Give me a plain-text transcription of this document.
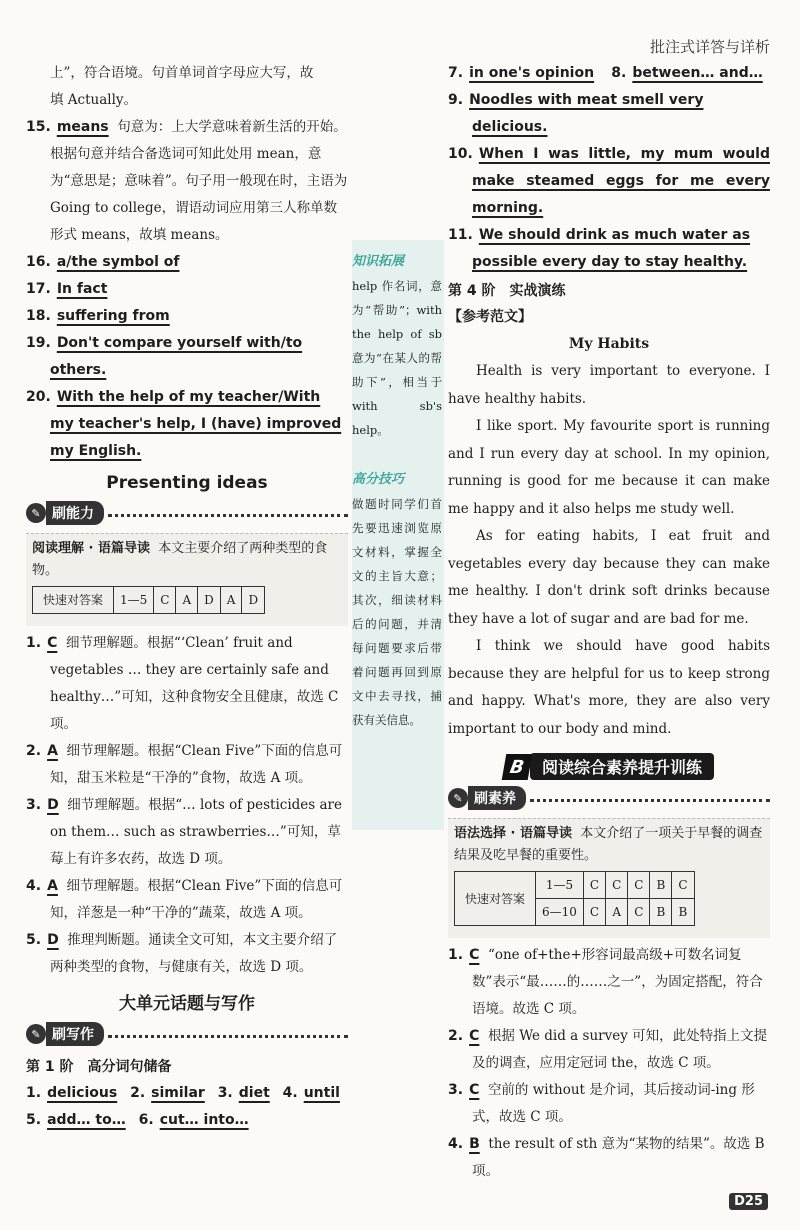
批注式详答与详析

上”，符合语境。句首单词首字母应大写，故
填 Actually。

15. means 句意为：上大学意味着新生活的开始。根据句意并结合备选词可知此处用 mean，意为“意思是；意味着”。句子用一般现在时，主语为 Going to college，谓语动词应用第三人称单数形式 means，故填 means。

16. a/the symbol of
17. In fact
18. suffering from
19. Don't compare yourself with/to others.
20. With the help of my teacher/With my teacher's help, I (have) improved my English.
Presenting ideas
✎ 刷能力
阅读理解 · 语篇导读 本文主要介绍了两种类型的食物。
快速对答案	1—5	C	A	D	A	D

1. C 细节理解题。根据“‘Clean’ fruit and vegetables … they are certainly safe and healthy…”可知，这种食物安全且健康，故选 C 项。

2. A 细节理解题。根据“Clean Five”下面的信息可知，甜玉米粒是“干净的”食物，故选 A 项。

3. D 细节理解题。根据“… lots of pesticides are on them… such as strawberries…”可知，草莓上有许多农药，故选 D 项。

4. A 细节理解题。根据“Clean Five”下面的信息可知，洋葱是一种“干净的”蔬菜，故选 A 项。

5. D 推理判断题。通读全文可知，本文主要介绍了两种类型的食物，与健康有关，故选 D 项。

大单元话题与写作
✎ 刷写作
第 1 阶　高分词句储备
1. delicious 2. similar 3. diet 4. until
5. add… to… 6. cut… into…
知识拓展
help 作名词，意为“帮助”；with the help of sb 意为“在某人的帮助下”，相当于 with sb's help。
高分技巧
做题时同学们首先要迅速浏览原文材料，掌握全文的主旨大意；其次，细读材料后的问题，并清每问题要求后带着问题再回到原文中去寻找，捕获有关信息。
7. in one's opinion 8. between… and…
9. Noodles with meat smell very delicious.
10. When I was little, my mum would make steamed eggs for me every morning.
11. We should drink as much water as possible every day to stay healthy.
第 4 阶　实战演练
【参考范文】
My Habits

Health is very important to everyone. I have healthy habits.

I like sport. My favourite sport is running and I run every day at school. In my opinion, running is good for me because it can make me happy and it also helps me study well.

As for eating habits, I eat fruit and vegetables every day because they can make me healthy. I don't drink soft drinks because they have a lot of sugar and are bad for me.

I think we should have good habits because they are helpful for us to keep strong and happy. What's more, they are also very important to our body and mind.

B	阅读综合素养提升训练
✎ 刷素养
语法选择 · 语篇导读 本文介绍了一项关于早餐的调查结果及吃早餐的重要性。
快速对答案	1—5	C	C	C	B	C
	6—10	C	A	C	B	B

1. C “one of+the+形容词最高级+可数名词复数”表示“最……的……之一”，为固定搭配，符合语境。故选 C 项。

2. C 根据 We did a survey 可知，此处特指上文提及的调查，应用定冠词 the，故选 C 项。

3. C 空前的 without 是介词，其后接动词-ing 形式，故选 C 项。

4. B the result of sth 意为“某物的结果”。故选 B 项。

D25
